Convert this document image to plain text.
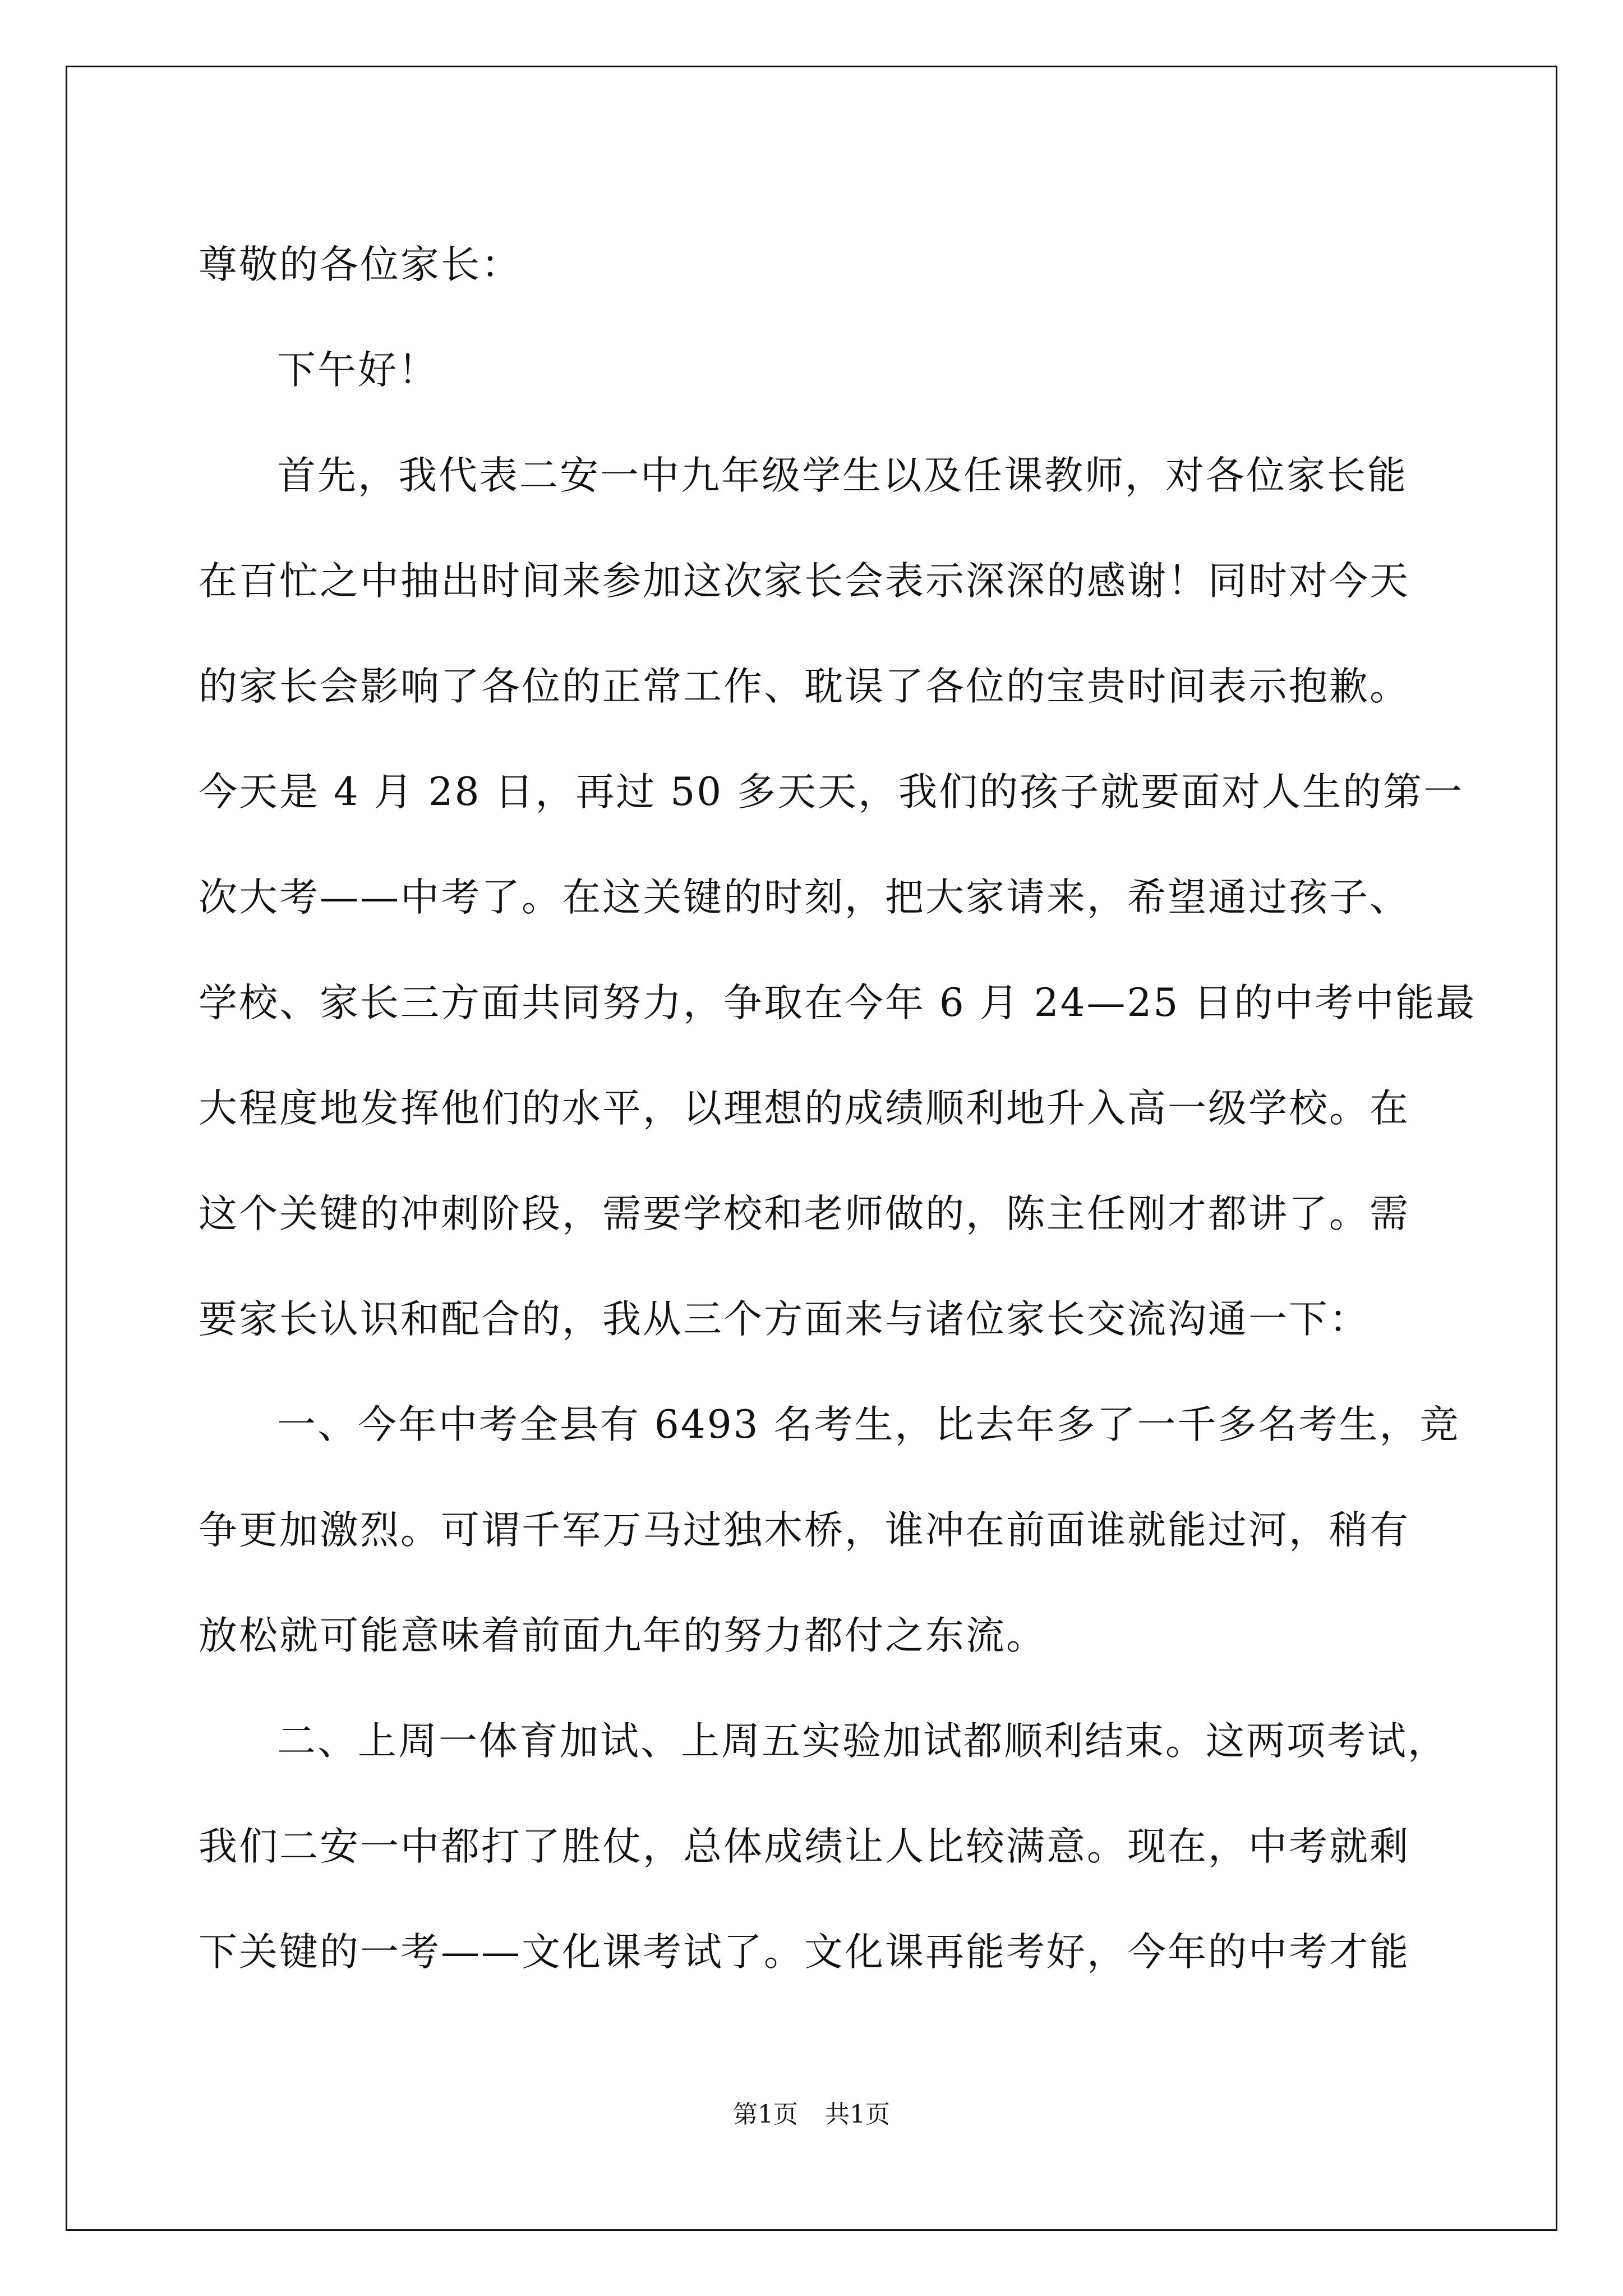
尊敬的各位家长：
下午好！
首先，我代表二安一中九年级学生以及任课教师，对各位家长能
在百忙之中抽出时间来参加这次家长会表示深深的感谢！同时对今天
的家长会影响了各位的正常工作、耽误了各位的宝贵时间表示抱歉。
今天是 4 月 28 日，再过 50 多天天，我们的孩子就要面对人生的第一
次大考——中考了。在这关键的时刻，把大家请来，希望通过孩子、
学校、家长三方面共同努力，争取在今年 6 月 24—25 日的中考中能最
大程度地发挥他们的水平，以理想的成绩顺利地升入高一级学校。在
这个关键的冲刺阶段，需要学校和老师做的，陈主任刚才都讲了。需
要家长认识和配合的，我从三个方面来与诸位家长交流沟通一下：
一、今年中考全县有 6493 名考生，比去年多了一千多名考生，竞
争更加激烈。可谓千军万马过独木桥，谁冲在前面谁就能过河，稍有
放松就可能意味着前面九年的努力都付之东流。
二、上周一体育加试、上周五实验加试都顺利结束。这两项考试，
我们二安一中都打了胜仗，总体成绩让人比较满意。现在，中考就剩
下关键的一考——文化课考试了。文化课再能考好，今年的中考才能
第1页 共1页
